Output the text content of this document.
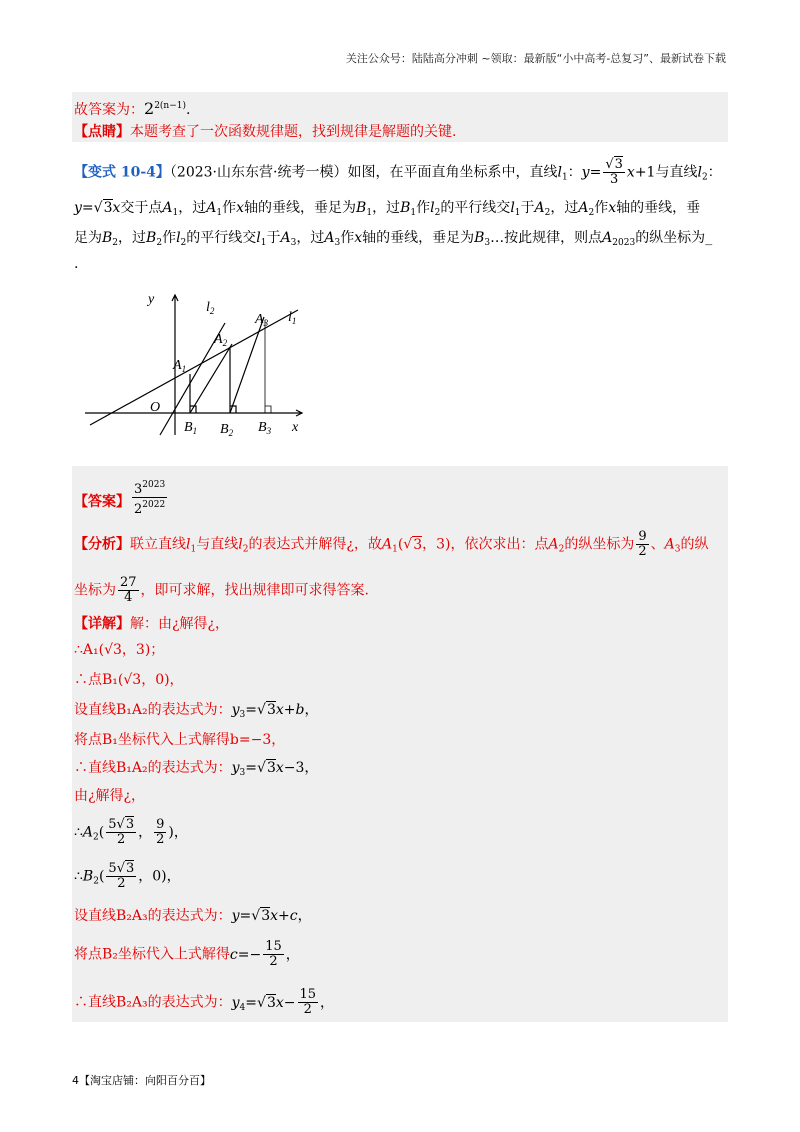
关注公众号：陆陆高分冲刺 ~领取：最新版“小中高考-总复习”、最新试卷下载
故答案为：$2^{2(n-1)}$.
【点睛】本题考查了一次函数规律题，找到规律是解题的关键.
【变式 10-4】（2023·山东东营·统考一模）如图，在平面直角坐标系中，直线$l_1$：$y= \frac{√3}{3} x+1$与直线$l_2$：
y=√3x交于点$A_1$，过$A_1$作x轴的垂线，垂足为$B_1$，过$B_1$作$l_2$的平行线交$l_1$于$A_2$，过$A_2$作x轴的垂线，垂
足为$B_2$，过$B_2$作$l_2$的平行线交$l_1$于$A_3$，过$A_3$作x轴的垂线，垂足为$B_3\dots$按此规律，则点$A_{2023}$的纵坐标为_
.
y
x
O
$l_2$	$l_1$
$A_1$
$A_2$
$A_3$
$B_1$ $B_2$ $B_3$
【答案】 $\frac{3^{2023}}{2^{2022}}$
【分析】联立直线$l_1$与直线$l_2$的表达式并解得¿，故$A_1(√3$，3)，依次求出：点$A_2$的纵坐标为 $\frac{9}{2}$ 、$A_3$的纵
坐标为 $\frac{27}{4}$ ，即可求解，找出规律即可求得答案.
【详解】解：由¿解得¿，
∴A₁(√3，3)；
∴点B₁(√3，0)，
设直线B₁A₂的表达式为：$y_3=√3x+b$，
将点B₁坐标代入上式解得b=−3，
∴直线B₁A₂的表达式为：$y_3=√3x-3$，
由¿解得¿，
$\therefore A_2( \frac{5√3}{2}$ ， $\frac{9}{2}$ )，
$\therefore B_2( \frac{5√3}{2}$ ，0)，
设直线B₂A₃的表达式为：y=√3x+c，
将点B₂坐标代入上式解得$c=- \frac{15}{2}$ ，
∴直线B₂A₃的表达式为：$y_4=√3x- \frac{15}{2}$ ，
4【淘宝店铺：向阳百分百】
